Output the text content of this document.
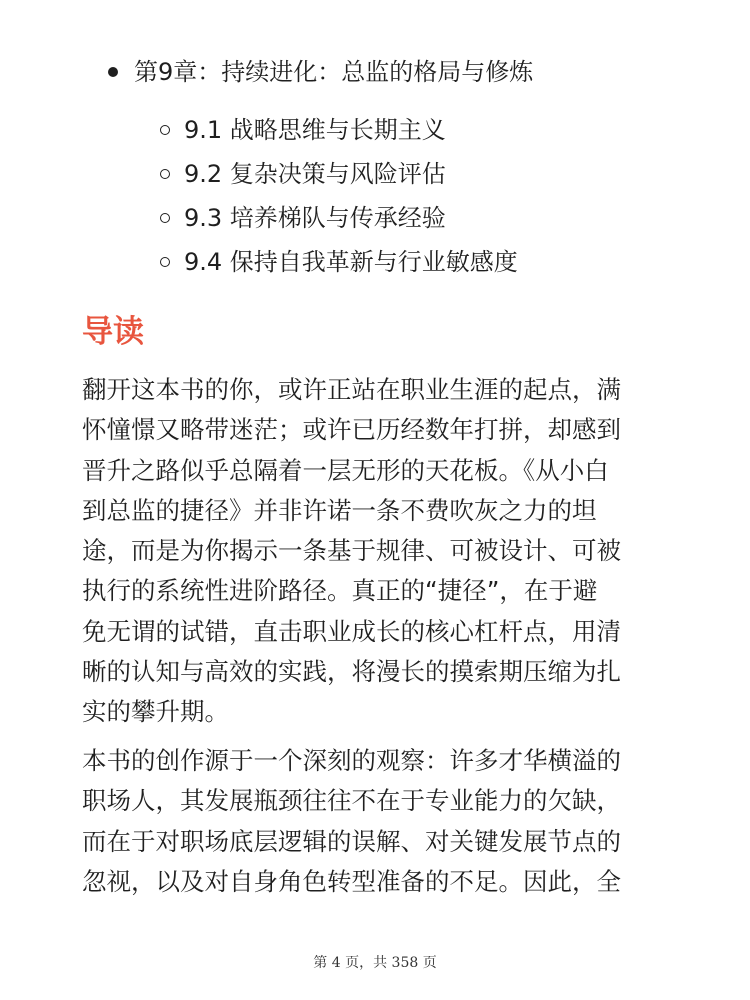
第9章：持续进化：总监的格局与修炼
9.1 战略思维与长期主义
9.2 复杂决策与风险评估
9.3 培养梯队与传承经验
9.4 保持自我革新与行业敏感度
导读

翻开这本书的你，或许正站在职业生涯的起点，满
怀憧憬又略带迷茫；或许已历经数年打拼，却感到
晋升之路似乎总隔着一层无形的天花板。《从小白
到总监的捷径》并非许诺一条不费吹灰之力的坦
途，而是为你揭示一条基于规律、可被设计、可被
执行的系统性进阶路径。真正的“捷径”，在于避
免无谓的试错，直击职业成长的核心杠杆点，用清
晰的认知与高效的实践，将漫长的摸索期压缩为扎
实的攀升期。

本书的创作源于一个深刻的观察：许多才华横溢的
职场人，其发展瓶颈往往不在于专业能力的欠缺，
而在于对职场底层逻辑的误解、对关键发展节点的
忽视，以及对自身角色转型准备的不足。因此，全

第 4 页，共 358 页
